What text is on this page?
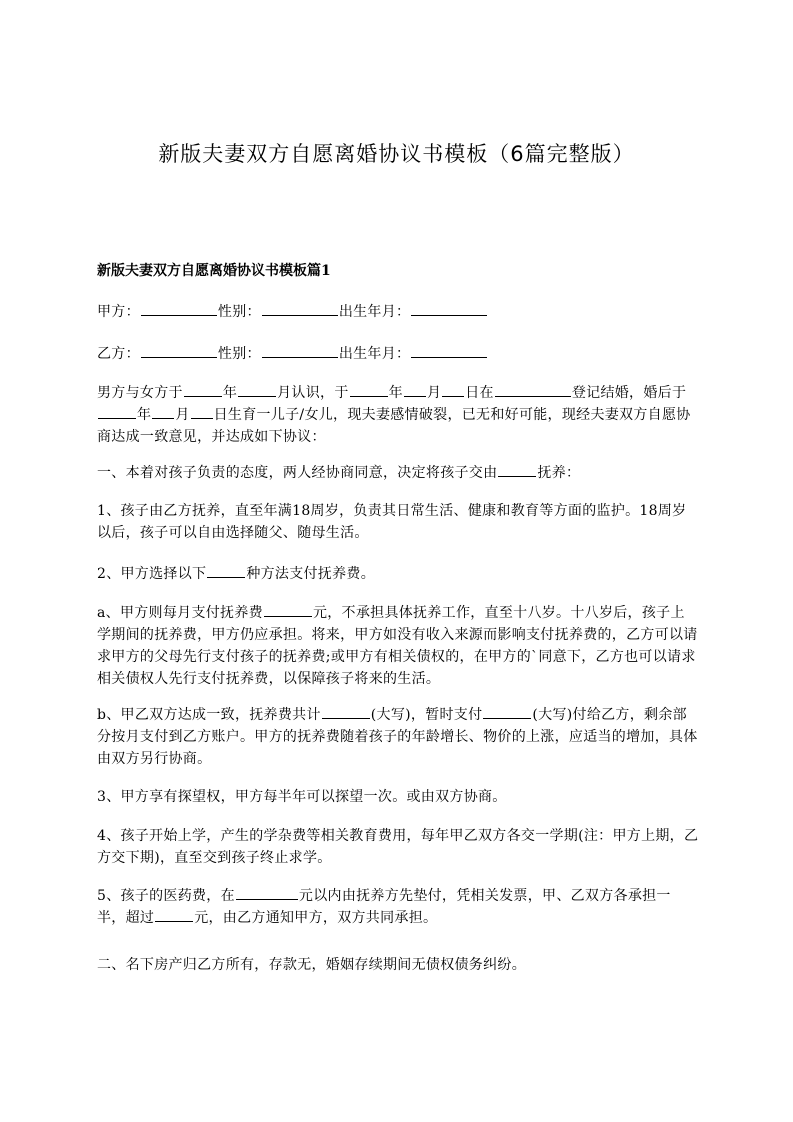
新版夫妻双方自愿离婚协议书模板（6篇完整版）
新版夫妻双方自愿离婚协议书模板篇1
甲方：	性别：	出生年月：
乙方：	性别：	出生年月：
男方与女方于	年	月认识，于	年 月 日在	登记结婚，婚后于年 月 日生育一儿子/女儿，现夫妻感情破裂，已无和好可能，现经夫妻双方自愿协商达成一致意见，并达成如下协议：
一、本着对孩子负责的态度，两人经协商同意，决定将孩子交由	抚养：
1、孩子由乙方抚养，直至年满18周岁，负责其日常生活、健康和教育等方面的监护。18周岁以后，孩子可以自由选择随父、随母生活。
2、甲方选择以下	种方法支付抚养费。
a、甲方则每月支付抚养费	元，不承担具体抚养工作，直至十八岁。十八岁后，孩子上学期间的抚养费，甲方仍应承担。将来，甲方如没有收入来源而影响支付抚养费的，乙方可以请求甲方的父母先行支付孩子的抚养费;或甲方有相关债权的，在甲方的`同意下，乙方也可以请求相关债权人先行支付抚养费，以保障孩子将来的生活。
b、甲乙双方达成一致，抚养费共计	(大写)，暂时支付	(大写)付给乙方，剩余部分按月支付到乙方账户。甲方的抚养费随着孩子的年龄增长、物价的上涨，应适当的增加，具体由双方另行协商。
3、甲方享有探望权，甲方每半年可以探望一次。或由双方协商。
4、孩子开始上学，产生的学杂费等相关教育费用，每年甲乙双方各交一学期(注：甲方上期，乙方交下期)，直至交到孩子终止求学。
5、孩子的医药费，在	元以内由抚养方先垫付，凭相关发票，甲、乙双方各承担一半，超过	元，由乙方通知甲方，双方共同承担。
二、名下房产归乙方所有，存款无，婚姻存续期间无债权债务纠纷。
